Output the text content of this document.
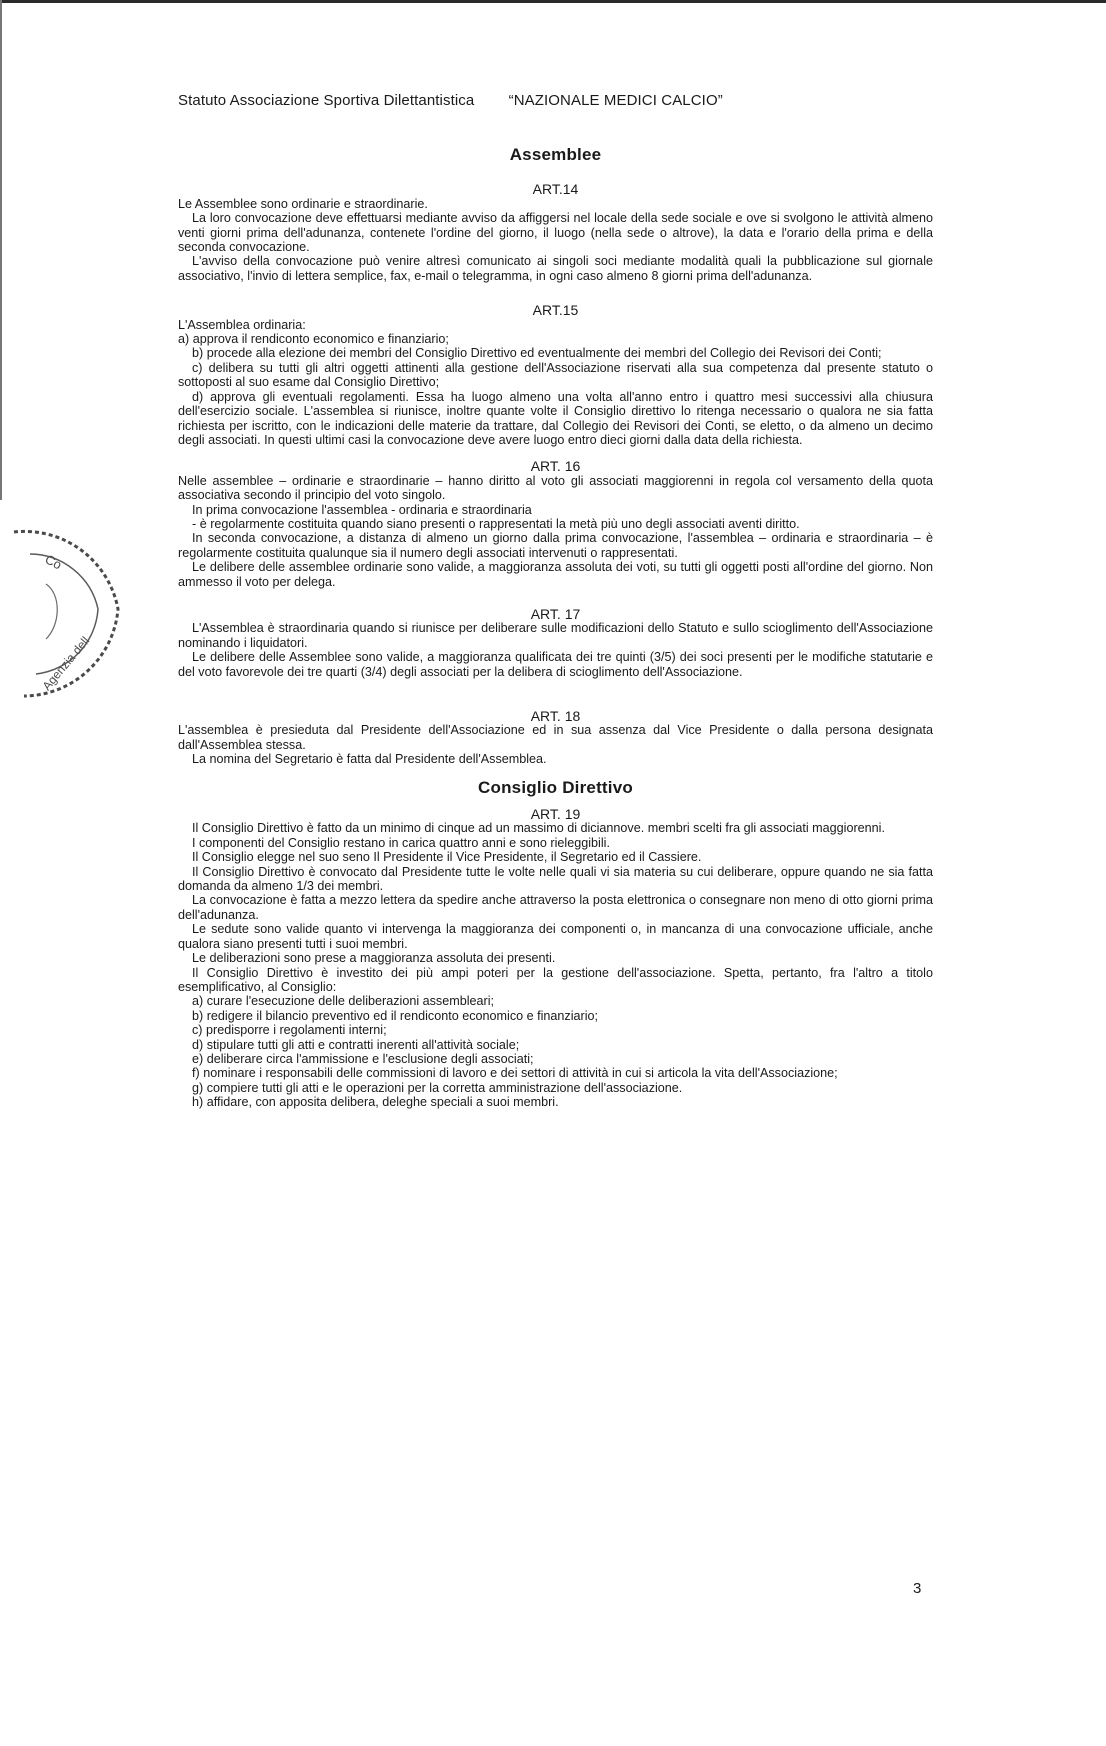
Statuto Associazione Sportiva Dilettantistica “NAZIONALE MEDICI CALCIO”
Assemblee
ART.14

Le Assemblee sono ordinarie e straordinarie.

La loro convocazione deve effettuarsi mediante avviso da affiggersi nel locale della sede sociale e ove si svolgono le attività almeno venti giorni prima dell'adunanza, contenete l'ordine del giorno, il luogo (nella sede o altrove), la data e l'orario della prima e della seconda convocazione.

L'avviso della convocazione può venire altresì comunicato ai singoli soci mediante modalità quali la pubblicazione sul giornale associativo, l'invio di lettera semplice, fax, e-mail o telegramma, in ogni caso almeno 8 giorni prima dell'adunanza.

ART.15

L'Assemblea ordinaria:

a) approva il rendiconto economico e finanziario;

b) procede alla elezione dei membri del Consiglio Direttivo ed eventualmente dei membri del Collegio dei Revisori dei Conti;

c) delibera su tutti gli altri oggetti attinenti alla gestione dell'Associazione riservati alla sua competenza dal presente statuto o sottoposti al suo esame dal Consiglio Direttivo;

d) approva gli eventuali regolamenti. Essa ha luogo almeno una volta all'anno entro i quattro mesi successivi alla chiusura dell'esercizio sociale. L'assemblea si riunisce, inoltre quante volte il Consiglio direttivo lo ritenga necessario o qualora ne sia fatta richiesta per iscritto, con le indicazioni delle materie da trattare, dal Collegio dei Revisori dei Conti, se eletto, o da almeno un decimo degli associati. In questi ultimi casi la convocazione deve avere luogo entro dieci giorni dalla data della richiesta.

ART. 16

Nelle assemblee – ordinarie e straordinarie – hanno diritto al voto gli associati maggiorenni in regola col versamento della quota associativa secondo il principio del voto singolo.

In prima convocazione l'assemblea - ordinaria e straordinaria

- è regolarmente costituita quando siano presenti o rappresentati la metà più uno degli associati aventi diritto.

In seconda convocazione, a distanza di almeno un giorno dalla prima convocazione, l'assemblea – ordinaria e straordinaria – è regolarmente costituita qualunque sia il numero degli associati intervenuti o rappresentati.

Le delibere delle assemblee ordinarie sono valide, a maggioranza assoluta dei voti, su tutti gli oggetti posti all'ordine del giorno. Non ammesso il voto per delega.

ART. 17

L'Assemblea è straordinaria quando si riunisce per deliberare sulle modificazioni dello Statuto e sullo scioglimento dell'Associazione nominando i liquidatori.

Le delibere delle Assemblee sono valide, a maggioranza qualificata dei tre quinti (3/5) dei soci presenti per le modifiche statutarie e del voto favorevole dei tre quarti (3/4) degli associati per la delibera di scioglimento dell'Associazione.

ART. 18

L'assemblea è presieduta dal Presidente dell'Associazione ed in sua assenza dal Vice Presidente o dalla persona designata dall'Assemblea stessa.

La nomina del Segretario è fatta dal Presidente dell'Assemblea.

Consiglio Direttivo
ART. 19

Il Consiglio Direttivo è fatto da un minimo di cinque ad un massimo di diciannove. membri scelti fra gli associati maggiorenni.

I componenti del Consiglio restano in carica quattro anni e sono rieleggibili.

Il Consiglio elegge nel suo seno Il Presidente il Vice Presidente, il Segretario ed il Cassiere.

Il Consiglio Direttivo è convocato dal Presidente tutte le volte nelle quali vi sia materia su cui deliberare, oppure quando ne sia fatta domanda da almeno 1/3 dei membri.

La convocazione è fatta a mezzo lettera da spedire anche attraverso la posta elettronica o consegnare non meno di otto giorni prima dell'adunanza.

Le sedute sono valide quanto vi intervenga la maggioranza dei componenti o, in mancanza di una convocazione ufficiale, anche qualora siano presenti tutti i suoi membri.

Le deliberazioni sono prese a maggioranza assoluta dei presenti.

Il Consiglio Direttivo è investito dei più ampi poteri per la gestione dell'associazione. Spetta, pertanto, fra l'altro a titolo esemplificativo, al Consiglio:

a) curare l'esecuzione delle deliberazioni assembleari;

b) redigere il bilancio preventivo ed il rendiconto economico e finanziario;

c) predisporre i regolamenti interni;

d) stipulare tutti gli atti e contratti inerenti all'attività sociale;

e) deliberare circa l'ammissione e l'esclusione degli associati;

f) nominare i responsabili delle commissioni di lavoro e dei settori di attività in cui si articola la vita dell'Associazione;

g) compiere tutti gli atti e le operazioni per la corretta amministrazione dell'associazione.

h) affidare, con apposita delibera, deleghe speciali a suoi membri.

Co
Agenzia dell
3
